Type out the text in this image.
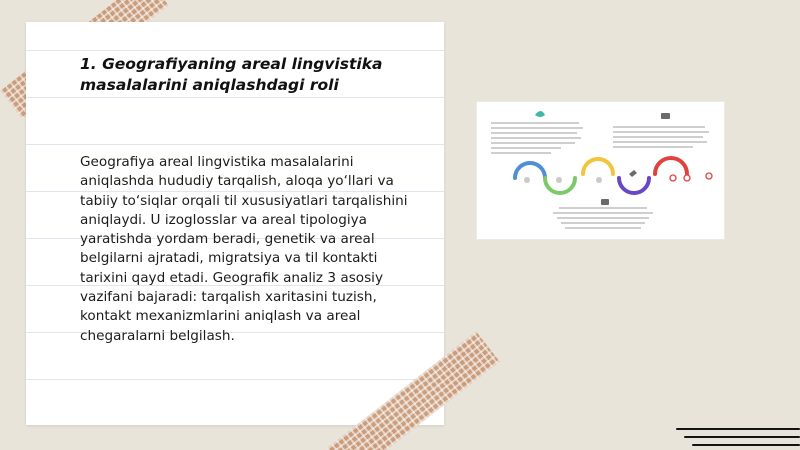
1. Geografiyaning areal lingvistika masalalarini aniqlashdagi roli

Geografiya areal lingvistika masalalarini aniqlashda hududiy tarqalish, aloqa yo‘llari va tabiiy to‘siqlar orqali til xususiyatlari tarqalishini aniqlaydi. U izoglosslar va areal tipologiya yaratishda yordam beradi, genetik va areal belgilarni ajratadi, migratsiya va til kontakti tarixini qayd etadi. Geografik analiz 3 asosiy vazifani bajaradi: tarqalish xaritasini tuzish, kontakt mexanizmlarini aniqlash va areal chegaralarni belgilash.
